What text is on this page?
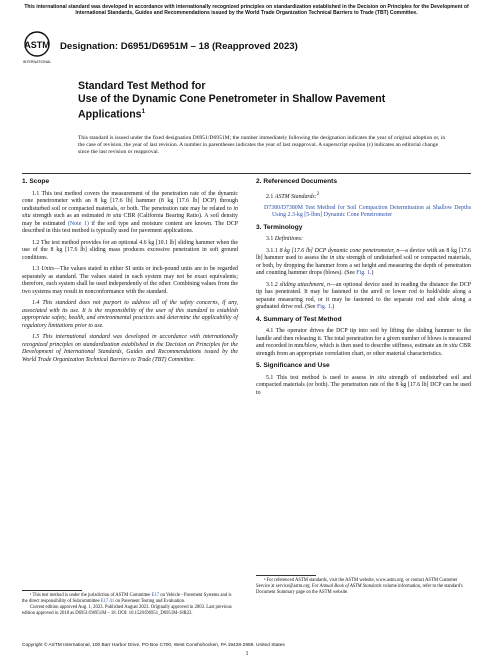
This international standard was developed in accordance with internationally recognized principles on standardization established in the Decision on Principles for the Development of International Standards, Guides and Recommendations issued by the World Trade Organization Technical Barriers to Trade (TBT) Committee.
ASTM
INTERNATIONAL
Designation: D6951/D6951M – 18 (Reapproved 2023)
Standard Test Method for
Use of the Dynamic Cone Penetrometer in Shallow Pavement Applications$^1$
This standard is issued under the fixed designation D6951/D6951M; the number immediately following the designation indicates the year of original adoption or, in the case of revision, the year of last revision. A number in parentheses indicates the year of last reapproval. A superscript epsilon (ε) indicates an editorial change since the last revision or reapproval.
1. Scope

1.1 This test method covers the measurement of the penetration rate of the dynamic cone penetrometer with an 8 kg [17.6 lb] hammer (8 kg [17.6 lb] DCP) through undisturbed soil or compacted materials, or both. The penetration rate may be related to in situ strength such as an estimated in situ CBR (California Bearing Ratio). A soil density may be estimated (Note 1) if the soil type and moisture content are known. The DCP described in this test method is typically used for pavement applications.

1.2 The test method provides for an optional 4.6 kg [10.1 lb] sliding hammer when the use of the 8 kg [17.6 lb] sliding mass produces excessive penetration in soft ground conditions.

1.3 Units—The values stated in either SI units or inch-pound units are to be regarded separately as standard. The values stated in each system may not be exact equivalents; therefore, each system shall be used independently of the other. Combining values from the two systems may result in nonconformance with the standard.

1.4 This standard does not purport to address all of the safety concerns, if any, associated with its use. It is the responsibility of the user of this standard to establish appropriate safety, health, and environmental practices and determine the applicability of regulatory limitations prior to use.

1.5 This international standard was developed in accordance with internationally recognized principles on standardization established in the Decision on Principles for the Development of International Standards, Guides and Recommendations issued by the World Trade Organization Technical Barriers to Trade (TBT) Committee.

2. Referenced Documents

2.1 ASTM Standards:$^2$

D7380/D7380M Test Method for Soil Compaction Determination at Shallow Depths Using 2.3-kg [5-lbm] Dynamic Cone Penetrometer

3. Terminology

3.1 Definitions:

3.1.1 8 kg [17.6 lb] DCP dynamic cone penetrometer, n—a device with an 8 kg [17.6 lb] hammer used to assess the in situ strength of undisturbed soil or compacted materials, or both, by dropping the hammer from a set height and measuring the depth of penetration and counting hammer drops (blows). (See Fig. 1.)

3.1.2 sliding attachment, n—an optional device used in reading the distance the DCP tip has penetrated. It may be fastened to the anvil or lower rod to hold/slide along a separate measuring rod, or it may be fastened to the separate rod and slide along a graduated drive rod. (See Fig. 1.)

4. Summary of Test Method

4.1 The operator drives the DCP tip into soil by lifting the sliding hammer to the handle and then releasing it. The total penetration for a given number of blows is measured and recorded in mm/blow, which is then used to describe stiffness, estimate an in situ CBR strength from an appropriate correlation chart, or other material characteristics.

5. Significance and Use

5.1 This test method is used to assess in situ strength of undisturbed soil and compacted materials (or both). The penetration rate of the 8 kg [17.6 lb] DCP can be used to

¹ This test method is under the jurisdiction of ASTM Committee E17 on Vehicle - Pavement Systems and is the direct responsibility of Subcommittee E17.41 on Pavement Testing and Evaluation.

Current edition approved Aug. 1, 2023. Published August 2023. Originally approved in 2003. Last previous edition approved in 2018 as D6951/D6951M – 18. DOI: 10.1520/D6951_D6951M-18R23.

² For referenced ASTM standards, visit the ASTM website, www.astm.org, or contact ASTM Customer Service at service@astm.org. For Annual Book of ASTM Standards volume information, refer to the standard's Document Summary page on the ASTM website.

Copyright © ASTM International, 100 Barr Harbor Drive, PO Box C700, West Conshohocken, PA 19428-2959. United States
1
